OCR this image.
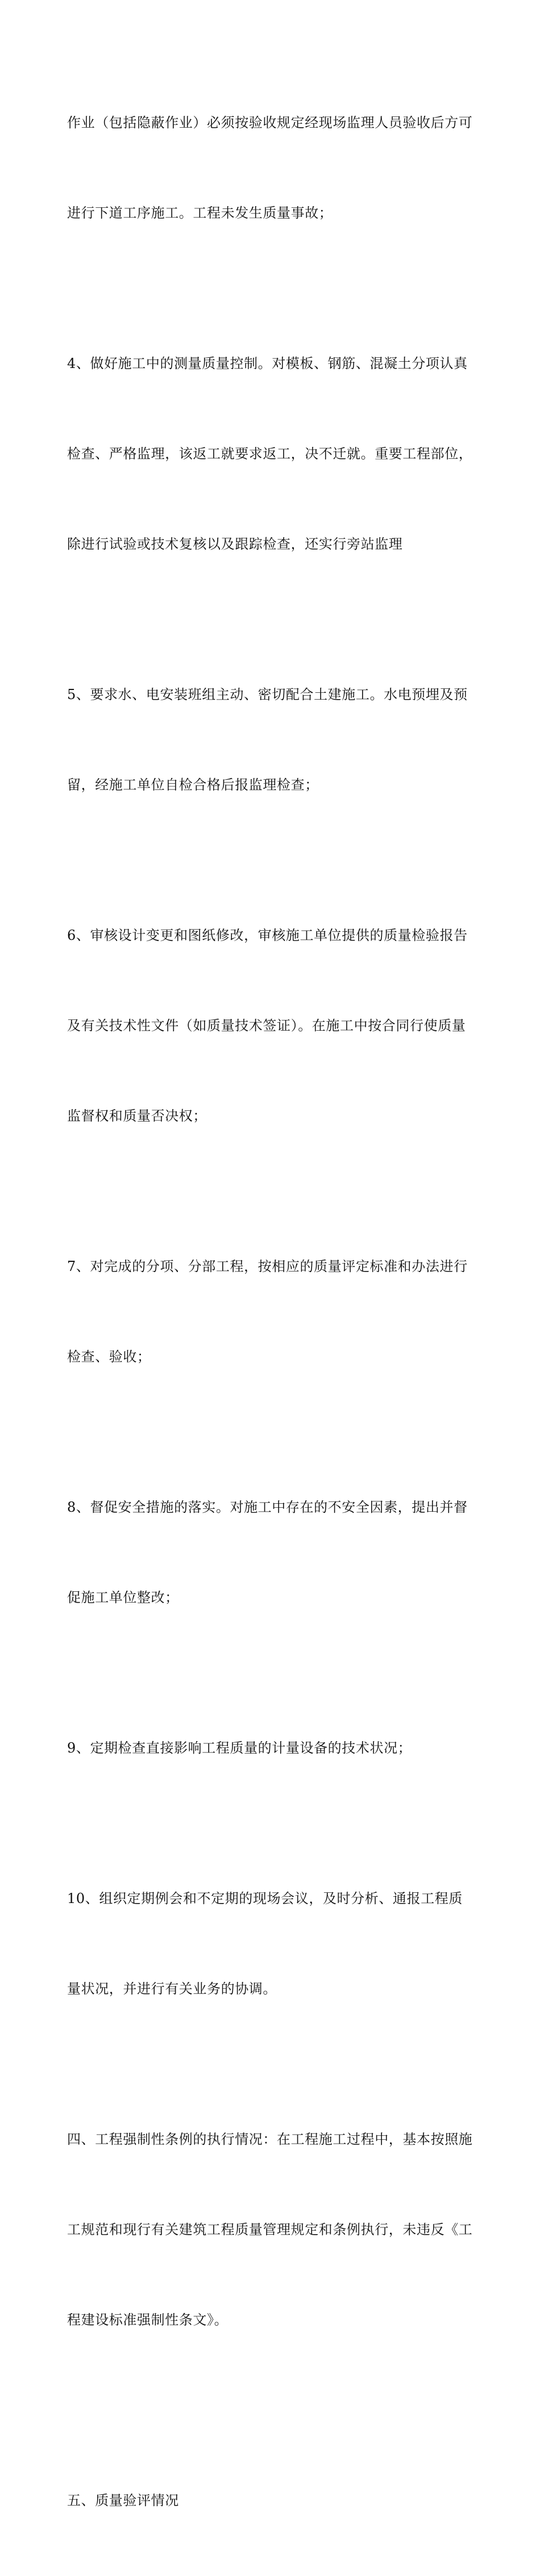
作业（包括隐蔽作业）必须按验收规定经现场监理人员验收后方可

进行下道工序施工。工程未发生质量事故；

4、做好施工中的测量质量控制。对模板、钢筋、混凝土分项认真

检查、严格监理，该返工就要求返工，决不迁就。重要工程部位，

除进行试验或技术复核以及跟踪检查，还实行旁站监理

5、要求水、电安装班组主动、密切配合土建施工。水电预埋及预

留，经施工单位自检合格后报监理检查；

6、审核设计变更和图纸修改，审核施工单位提供的质量检验报告

及有关技术性文件（如质量技术签证）。在施工中按合同行使质量

监督权和质量否决权；

7、对完成的分项、分部工程，按相应的质量评定标准和办法进行

检查、验收；

8、督促安全措施的落实。对施工中存在的不安全因素，提出并督

促施工单位整改；

9、定期检查直接影响工程质量的计量设备的技术状况；

10、组织定期例会和不定期的现场会议，及时分析、通报工程质

量状况，并进行有关业务的协调。

四、工程强制性条例的执行情况：在工程施工过程中，基本按照施

工规范和现行有关建筑工程质量管理规定和条例执行，未违反《工

程建设标准强制性条文》。

五、质量验评情况
